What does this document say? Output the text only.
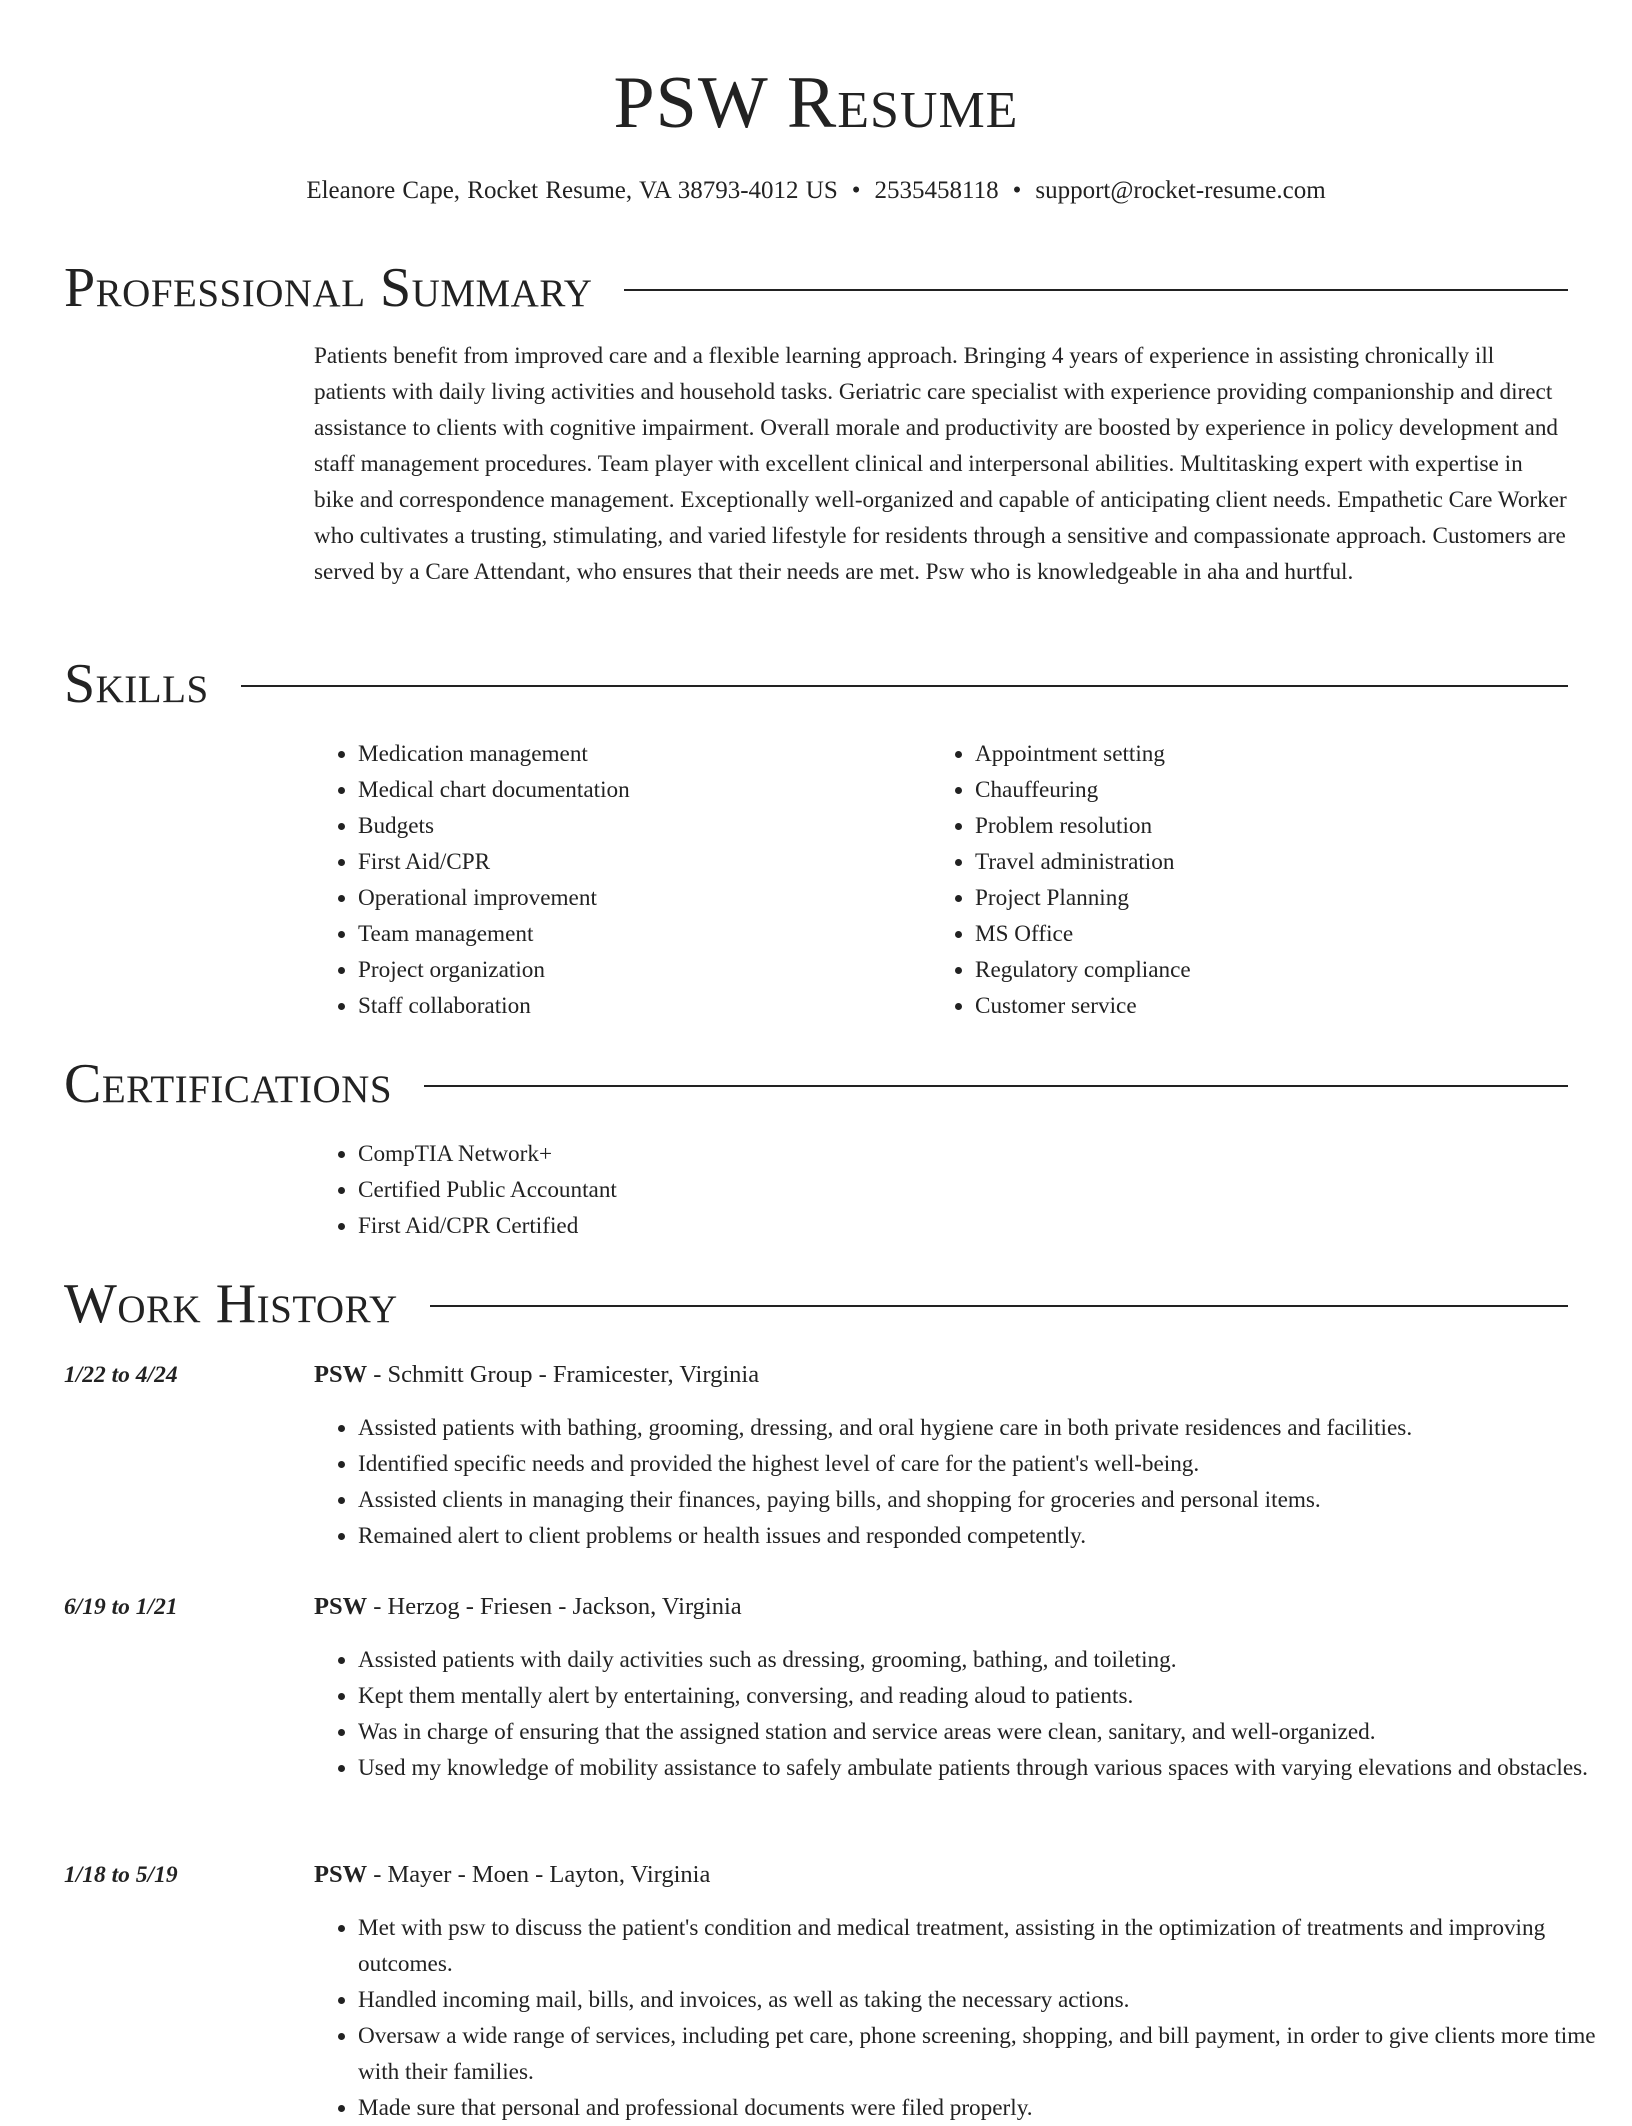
PSW Resume
Eleanore Cape, Rocket Resume, VA 38793-4012 US • 2535458118 • support@rocket-resume.com
Professional Summary
Patients benefit from improved care and a flexible learning approach. Bringing 4 years of experience in assisting chronically ill patients with daily living activities and household tasks. Geriatric care specialist with experience providing companionship and direct assistance to clients with cognitive impairment. Overall morale and productivity are boosted by experience in policy development and staff management procedures. Team player with excellent clinical and interpersonal abilities. Multitasking expert with expertise in bike and correspondence management. Exceptionally well-organized and capable of anticipating client needs. Empathetic Care Worker who cultivates a trusting, stimulating, and varied lifestyle for residents through a sensitive and compassionate approach. Customers are served by a Care Attendant, who ensures that their needs are met. Psw who is knowledgeable in aha and hurtful.
Skills
• Medication management
• Medical chart documentation
• Budgets
• First Aid/CPR
• Operational improvement
• Team management
• Project organization
• Staff collaboration
• Appointment setting
• Chauffeuring
• Problem resolution
• Travel administration
• Project Planning
• MS Office
• Regulatory compliance
• Customer service
Certifications
• CompTIA Network+
• Certified Public Accountant
• First Aid/CPR Certified
Work History
1/22 to 4/24	PSW - Schmitt Group - Framicester, Virginia
• Assisted patients with bathing, grooming, dressing, and oral hygiene care in both private residences and facilities.
• Identified specific needs and provided the highest level of care for the patient's well-being.
• Assisted clients in managing their finances, paying bills, and shopping for groceries and personal items.
• Remained alert to client problems or health issues and responded competently.
6/19 to 1/21	PSW - Herzog - Friesen - Jackson, Virginia
• Assisted patients with daily activities such as dressing, grooming, bathing, and toileting.
• Kept them mentally alert by entertaining, conversing, and reading aloud to patients.
• Was in charge of ensuring that the assigned station and service areas were clean, sanitary, and well-organized.
• Used my knowledge of mobility assistance to safely ambulate patients through various spaces with varying elevations and obstacles.
1/18 to 5/19	PSW - Mayer - Moen - Layton, Virginia
• Met with psw to discuss the patient's condition and medical treatment, assisting in the optimization of treatments and improving outcomes.
• Handled incoming mail, bills, and invoices, as well as taking the necessary actions.
• Oversaw a wide range of services, including pet care, phone screening, shopping, and bill payment, in order to give clients more time with their families.
• Made sure that personal and professional documents were filed properly.
